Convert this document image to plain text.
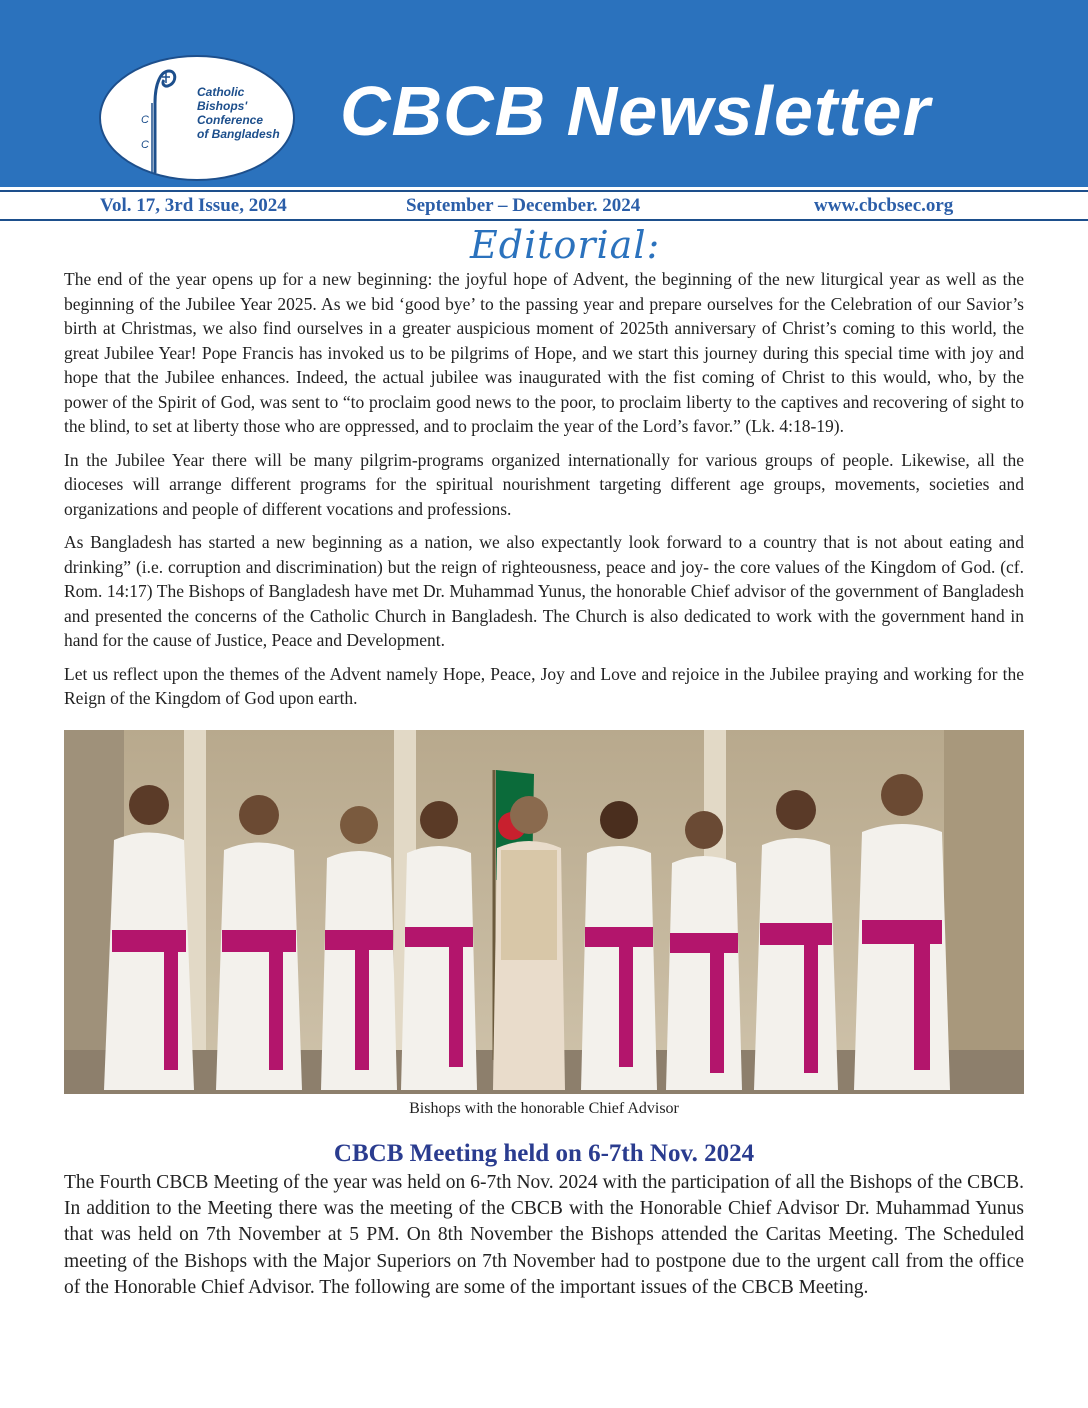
C
C
Catholic
Bishops'
Conference
of Bangladesh CBCB Newsletter
Vol. 17, 3rd Issue, 2024	September – December. 2024	www.cbcbsec.org
Editorial:

The end of the year opens up for a new beginning: the joyful hope of Advent, the beginning of the new liturgical year as well as the beginning of the Jubilee Year 2025. As we bid ‘good bye’ to the passing year and prepare ourselves for the Celebration of our Savior’s birth at Christmas, we also find ourselves in a greater auspicious moment of 2025th anniversary of Christ’s coming to this world, the great Jubilee Year! Pope Francis has invoked us to be pilgrims of Hope, and we start this journey during this special time with joy and hope that the Jubilee enhances. Indeed, the actual jubilee was inaugurated with the fist coming of Christ to this would, who, by the power of the Spirit of God, was sent to “to proclaim good news to the poor, to proclaim liberty to the captives and recovering of sight to the blind, to set at liberty those who are oppressed, and to proclaim the year of the Lord’s favor.” (Lk. 4:18-19).

In the Jubilee Year there will be many pilgrim-programs organized internationally for various groups of people. Likewise, all the dioceses will arrange different programs for the spiritual nourishment targeting different age groups, movements, societies and organizations and people of different vocations and professions.

As Bangladesh has started a new beginning as a nation, we also expectantly look forward to a country that is not about eating and drinking” (i.e. corruption and discrimination) but the reign of righteousness, peace and joy- the core values of the Kingdom of God. (cf. Rom. 14:17) The Bishops of Bangladesh have met Dr. Muhammad Yunus, the honorable Chief advisor of the government of Bangladesh and presented the concerns of the Catholic Church in Bangladesh. The Church is also dedicated to work with the government hand in hand for the cause of Justice, Peace and Development.

Let us reflect upon the themes of the Advent namely Hope, Peace, Joy and Love and rejoice in the Jubilee praying and working for the Reign of the Kingdom of God upon earth.

Bishops with the honorable Chief Advisor

CBCB Meeting held on 6-7th Nov. 2024

The Fourth CBCB Meeting of the year was held on 6-7th Nov. 2024 with the participation of all the Bishops of the CBCB. In addition to the Meeting there was the meeting of the CBCB with the Honorable Chief Advisor Dr. Muhammad Yunus that was held on 7th November at 5 PM. On 8th November the Bishops attended the Caritas Meeting. The Scheduled meeting of the Bishops with the Major Superiors on 7th November had to postpone due to the urgent call from the office of the Honorable Chief Advisor. The following are some of the important issues of the CBCB Meeting.
